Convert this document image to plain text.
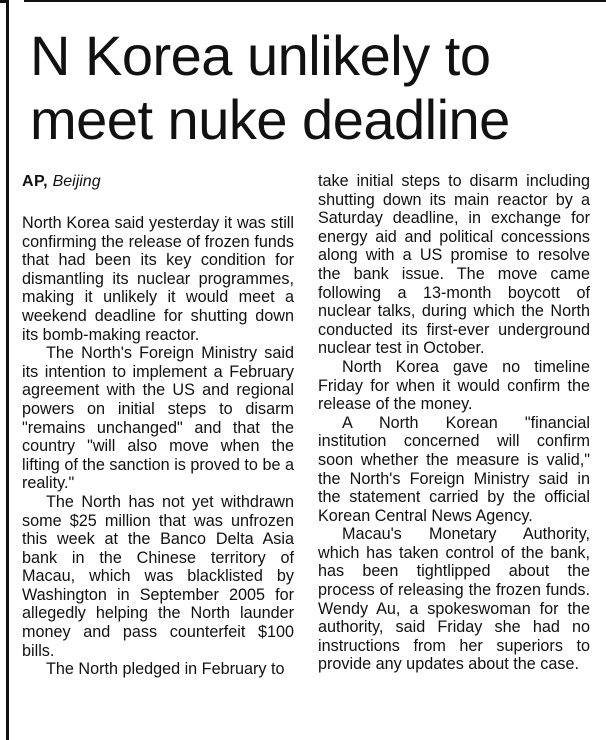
N Korea unlikely to
meet nuke deadline
AP, Beijing

North Korea said yesterday it was still confirming the release of frozen funds that had been its key condition for dismantling its nuclear programmes, making it unlikely it would meet a weekend deadline for shutting down its bomb-making reactor.

The North's Foreign Ministry said its intention to implement a February agreement with the US and regional powers on initial steps to disarm "remains unchanged" and that the country "will also move when the lifting of the sanction is proved to be a reality."

The North has not yet withdrawn some $25 million that was unfrozen this week at the Banco Delta Asia bank in the Chinese territory of Macau, which was blacklisted by Washington in September 2005 for allegedly helping the North launder money and pass counterfeit $100 bills.

The North pledged in February to

take initial steps to disarm including shutting down its main reactor by a Saturday deadline, in exchange for energy aid and political concessions along with a US promise to resolve the bank issue. The move came following a 13-month boycott of nuclear talks, during which the North conducted its first-ever underground nuclear test in October.

North Korea gave no timeline Friday for when it would confirm the release of the money.

A North Korean "financial institution concerned will confirm soon whether the measure is valid," the North's Foreign Ministry said in the statement carried by the official Korean Central News Agency.

Macau's Monetary Authority, which has taken control of the bank, has been tightlipped about the process of releasing the frozen funds. Wendy Au, a spokeswoman for the authority, said Friday she had no instructions from her superiors to provide any updates about the case.
